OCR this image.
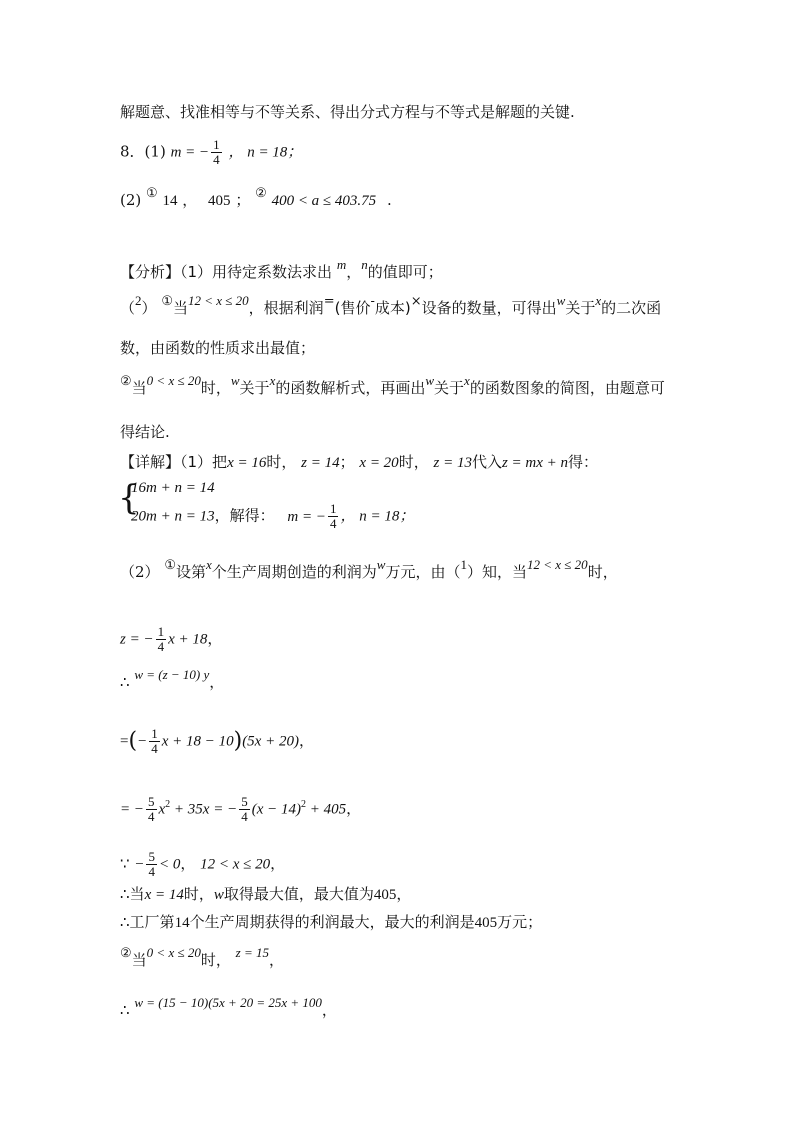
解题意、找准相等与不等关系、得出分式方程与不等式是解题的关键.
8．(1) m = − $\frac{1}{4}$ ， n = 18；
(2) ① 14 ， 405 ； ② 400 < a ≤ 403.75 .
【分析】（1）用待定系数法求出 m，n的值即可；
（2） ①当12 < x ≤ 20，根据利润=(售价-成本)×设备的数量，可得出w关于x的二次函
数，由函数的性质求出最值；
②当0 < x ≤ 20时，w关于x的函数解析式，再画出w关于x的函数图象的简图，由题意可
得结论.
【详解】（1）把x = 16时， z = 14； x = 20时， z = 13代入z = mx + n得：
{
16m + n = 14
20m + n = 13，解得： m = − $\frac{1}{4}$ ， n = 18；
（2） ①设第x个生产周期创造的利润为w万元，由（1）知，当12 < x ≤ 20时，
z = − $\frac{1}{4}$ x + 18，
∴ w = (z − 10) y，
=(− $\frac{1}{4}$ x + 18 − 10)(5x + 20)，
= − $\frac{5}{4} x^2 + 35x$ = − $\frac{5}{4} (x - 14)^2 + 405$，
∵ − $\frac{5}{4} < 0$， 12 < x ≤ 20，
∴当x = 14时，w取得最大值，最大值为405，
∴工厂第14个生产周期获得的利润最大，最大的利润是405万元；
②当0 < x ≤ 20时， z = 15，
∴ w = (15 − 10)(5x + 20 = 25x + 100，
